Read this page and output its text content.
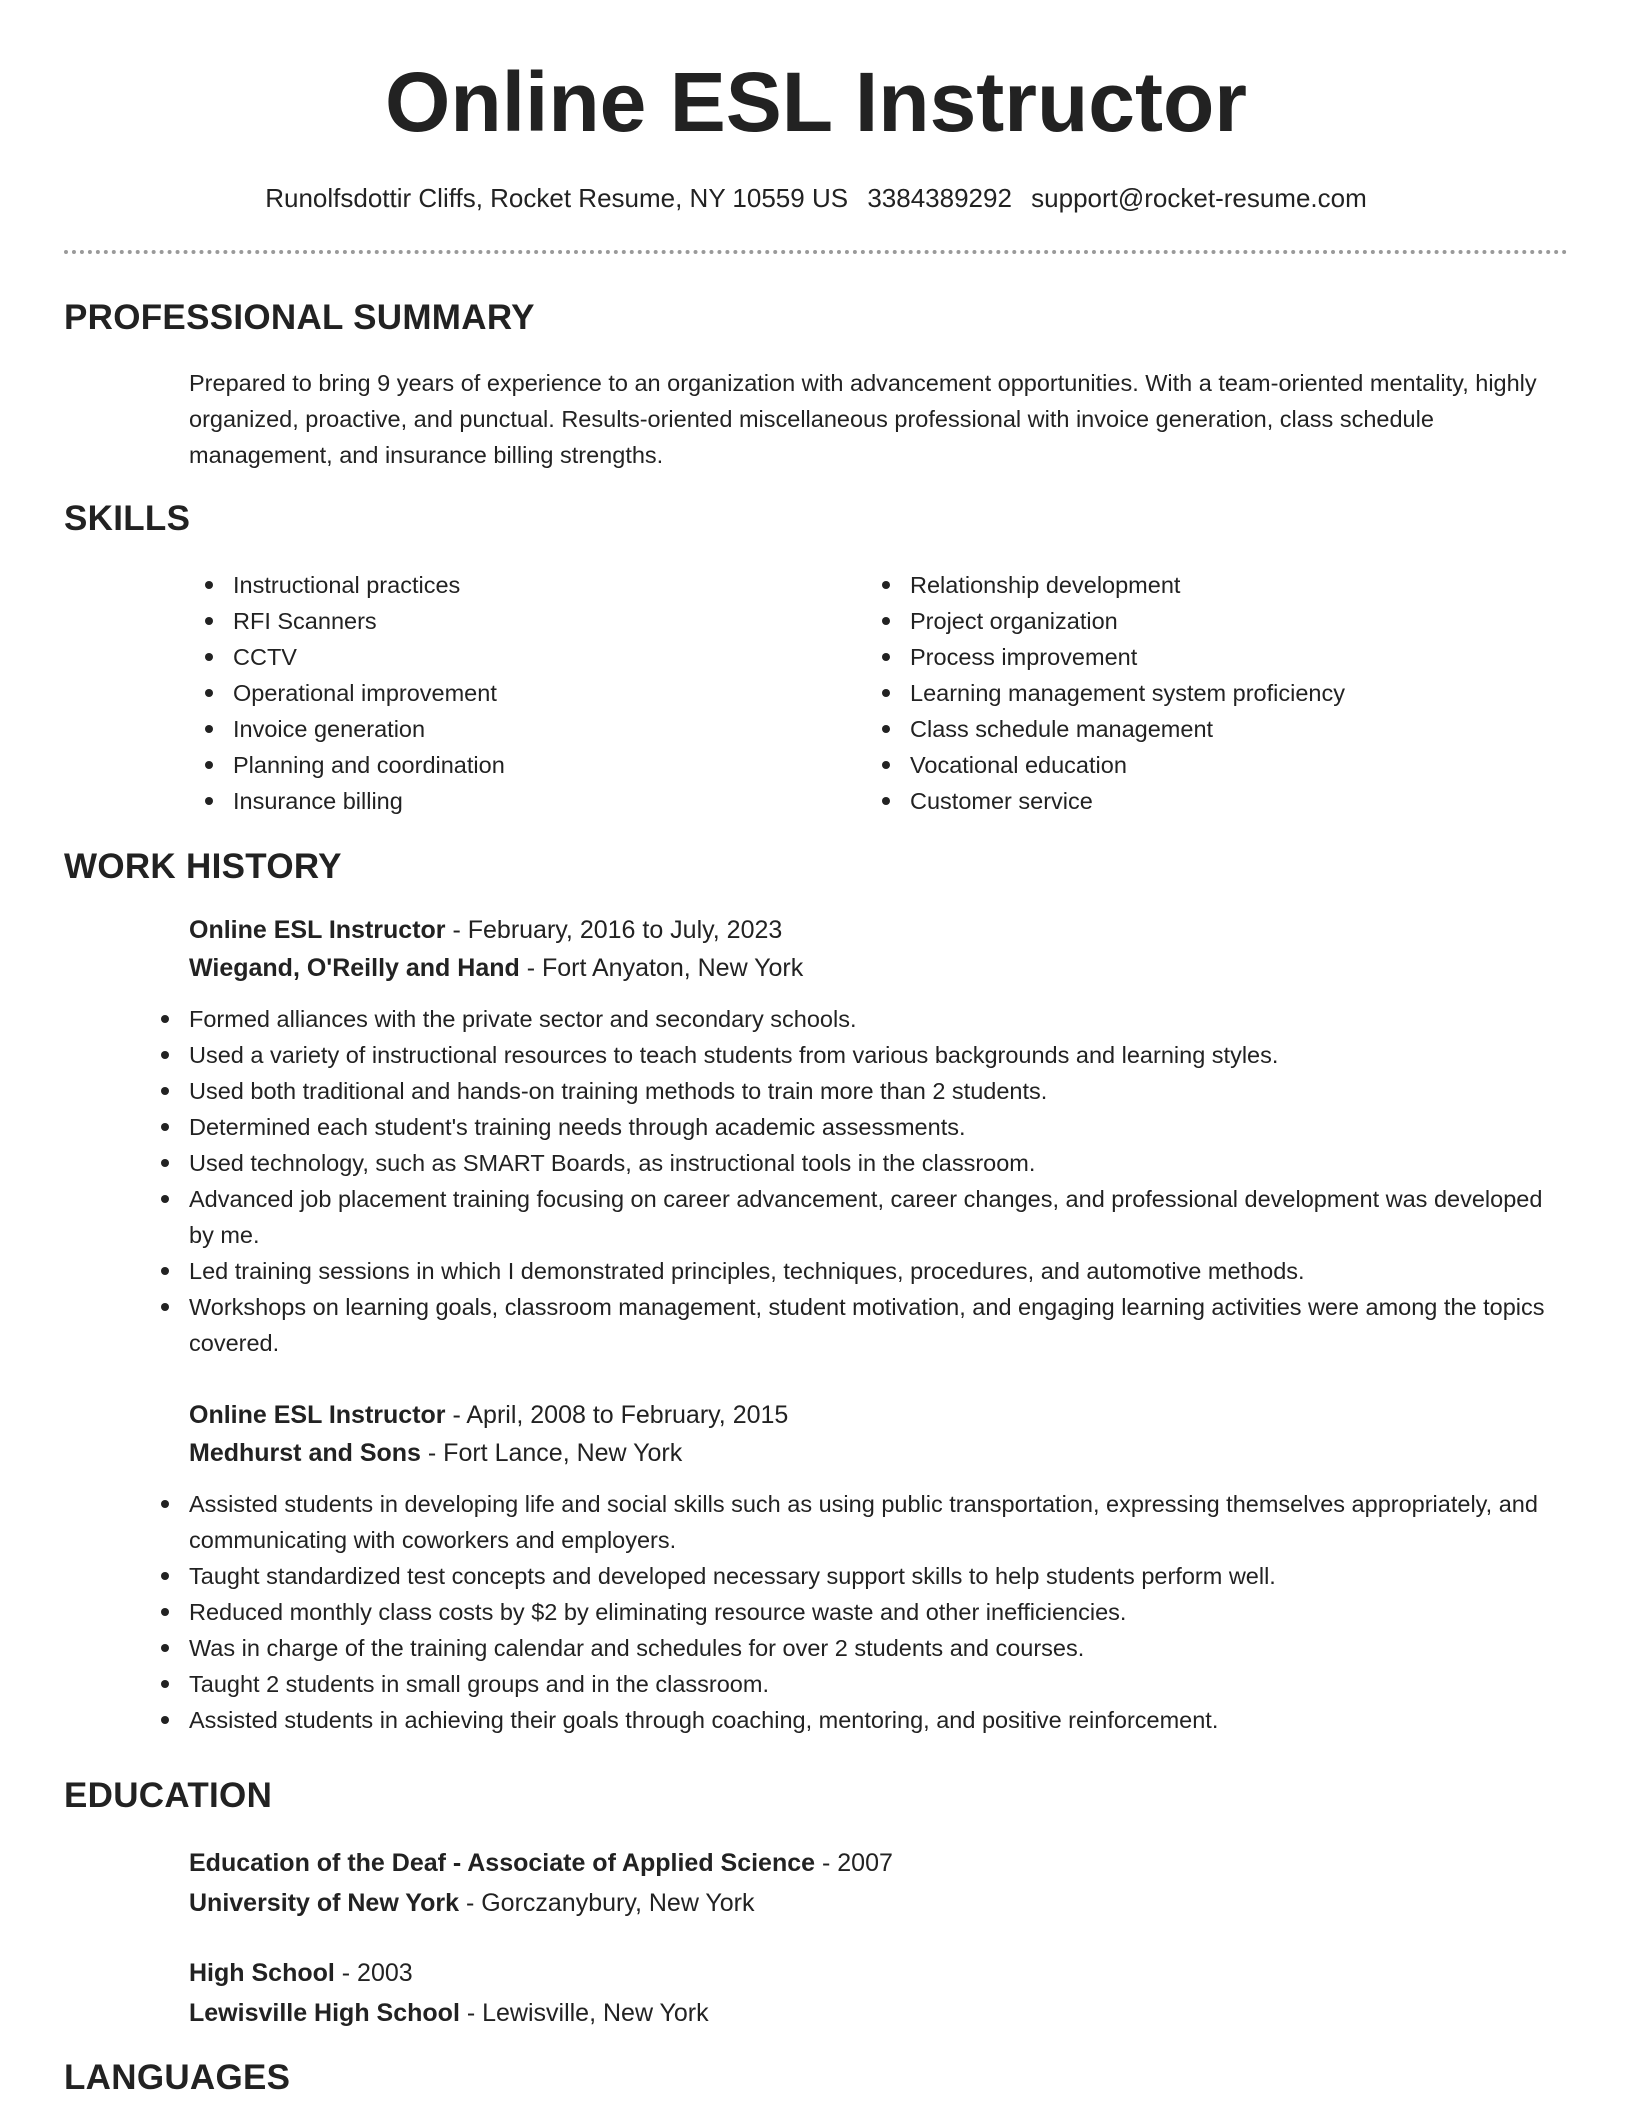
Online ESL Instructor
Runolfsdottir Cliffs, Rocket Resume, NY 10559 US 3384389292 support@rocket-resume.com
PROFESSIONAL SUMMARY

Prepared to bring 9 years of experience to an organization with advancement opportunities. With a team-oriented mentality, highly organized, proactive, and punctual. Results-oriented miscellaneous professional with invoice generation, class schedule management, and insurance billing strengths.

SKILLS
Instructional practices
RFI Scanners
CCTV
Operational improvement
Invoice generation
Planning and coordination
Insurance billing
Relationship development
Project organization
Process improvement
Learning management system proficiency
Class schedule management
Vocational education
Customer service
WORK HISTORY
Online ESL Instructor - February, 2016 to July, 2023
Wiegand, O'Reilly and Hand - Fort Anyaton, New York
Formed alliances with the private sector and secondary schools.
Used a variety of instructional resources to teach students from various backgrounds and learning styles.
Used both traditional and hands-on training methods to train more than 2 students.
Determined each student's training needs through academic assessments.
Used technology, such as SMART Boards, as instructional tools in the classroom.
Advanced job placement training focusing on career advancement, career changes, and professional development was developed by me.
Led training sessions in which I demonstrated principles, techniques, procedures, and automotive methods.
Workshops on learning goals, classroom management, student motivation, and engaging learning activities were among the topics covered.
Online ESL Instructor - April, 2008 to February, 2015
Medhurst and Sons - Fort Lance, New York
Assisted students in developing life and social skills such as using public transportation, expressing themselves appropriately, and communicating with coworkers and employers.
Taught standardized test concepts and developed necessary support skills to help students perform well.
Reduced monthly class costs by $2 by eliminating resource waste and other inefficiencies.
Was in charge of the training calendar and schedules for over 2 students and courses.
Taught 2 students in small groups and in the classroom.
Assisted students in achieving their goals through coaching, mentoring, and positive reinforcement.
EDUCATION
Education of the Deaf - Associate of Applied Science - 2007
University of New York - Gorczanybury, New York
High School - 2003
Lewisville High School - Lewisville, New York
LANGUAGES
